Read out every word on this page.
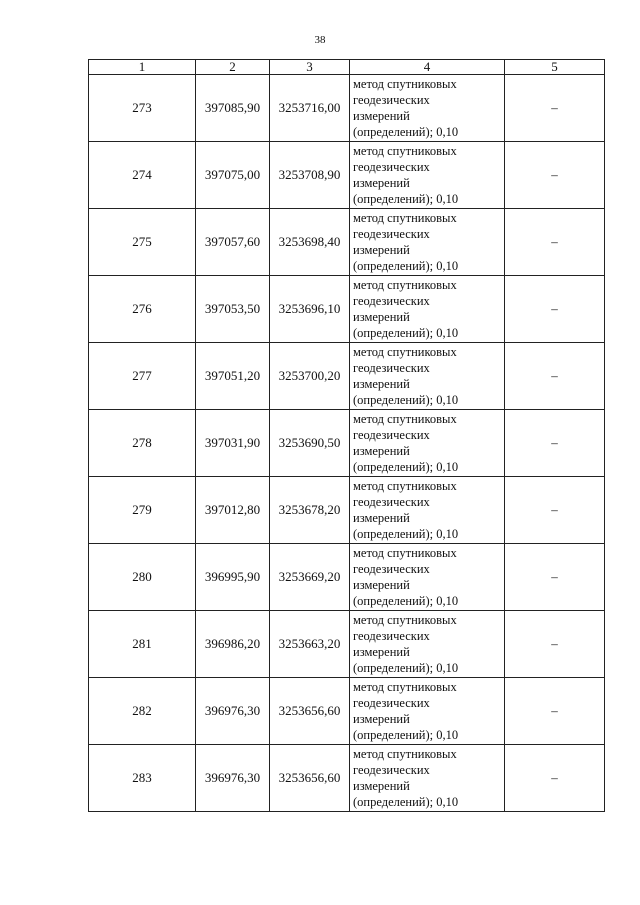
38
1	2	3	4	5
273	397085,90	3253716,00	метод спутниковых
геодезических
измерений
(определений); 0,10	–
274	397075,00	3253708,90	метод спутниковых
геодезических
измерений
(определений); 0,10	–
275	397057,60	3253698,40	метод спутниковых
геодезических
измерений
(определений); 0,10	–
276	397053,50	3253696,10	метод спутниковых
геодезических
измерений
(определений); 0,10	–
277	397051,20	3253700,20	метод спутниковых
геодезических
измерений
(определений); 0,10	–
278	397031,90	3253690,50	метод спутниковых
геодезических
измерений
(определений); 0,10	–
279	397012,80	3253678,20	метод спутниковых
геодезических
измерений
(определений); 0,10	–
280	396995,90	3253669,20	метод спутниковых
геодезических
измерений
(определений); 0,10	–
281	396986,20	3253663,20	метод спутниковых
геодезических
измерений
(определений); 0,10	–
282	396976,30	3253656,60	метод спутниковых
геодезических
измерений
(определений); 0,10	–
283	396976,30	3253656,60	метод спутниковых
геодезических
измерений
(определений); 0,10	–
